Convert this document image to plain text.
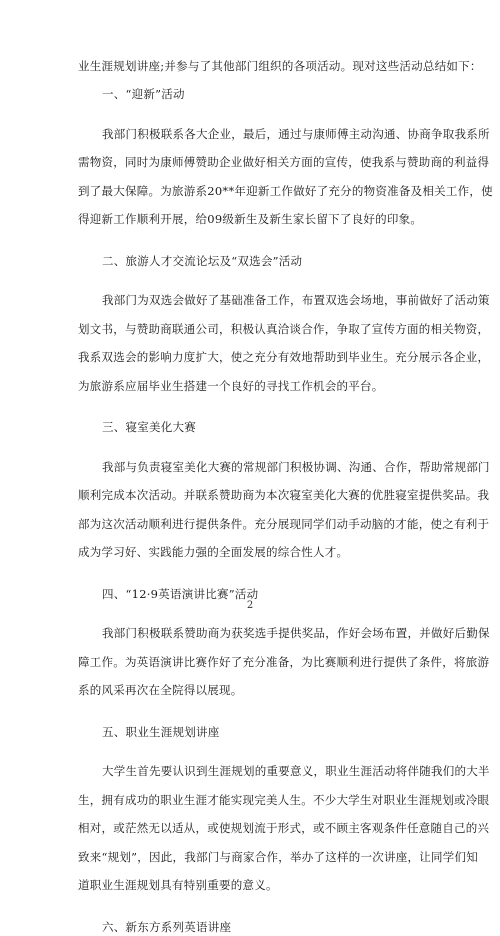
业生涯规划讲座;并参与了其他部门组织的各项活动。现对这些活动总结如下：

一、“迎新”活动

我部门积极联系各大企业，最后，通过与康师傅主动沟通、协商争取我系所

需物资，同时为康师傅赞助企业做好相关方面的宣传，使我系与赞助商的利益得

到了最大保障。为旅游系20**年迎新工作做好了充分的物资准备及相关工作，使

得迎新工作顺利开展，给09级新生及新生家长留下了良好的印象。

二、旅游人才交流论坛及“双选会”活动

我部门为双选会做好了基础准备工作，布置双选会场地，事前做好了活动策

划文书，与赞助商联通公司，积极认真洽谈合作，争取了宣传方面的相关物资，

我系双选会的影响力度扩大，使之充分有效地帮助到毕业生。充分展示各企业，

为旅游系应届毕业生搭建一个良好的寻找工作机会的平台。

三、寝室美化大赛

我部与负责寝室美化大赛的常规部门积极协调、沟通、合作，帮助常规部门

顺利完成本次活动。并联系赞助商为本次寝室美化大赛的优胜寝室提供奖品。我

部为这次活动顺利进行提供条件。充分展现同学们动手动脑的才能，使之有利于

成为学习好、实践能力强的全面发展的综合性人才。

四、“12·9英语演讲比赛”活动

我部门积极联系赞助商为获奖选手提供奖品，作好会场布置，并做好后勤保

障工作。为英语演讲比赛作好了充分准备，为比赛顺利进行提供了条件，将旅游

系的风采再次在全院得以展现。

五、职业生涯规划讲座

大学生首先要认识到生涯规划的重要意义，职业生涯活动将伴随我们的大半

生，拥有成功的职业生涯才能实现完美人生。不少大学生对职业生涯规划或冷眼

相对，或茫然无以适从，或使规划流于形式，或不顾主客观条件任意随自己的兴

致来“规划”，因此，我部门与商家合作，举办了这样的一次讲座，让同学们知

道职业生涯规划具有特别重要的意义。

六、新东方系列英语讲座

2
